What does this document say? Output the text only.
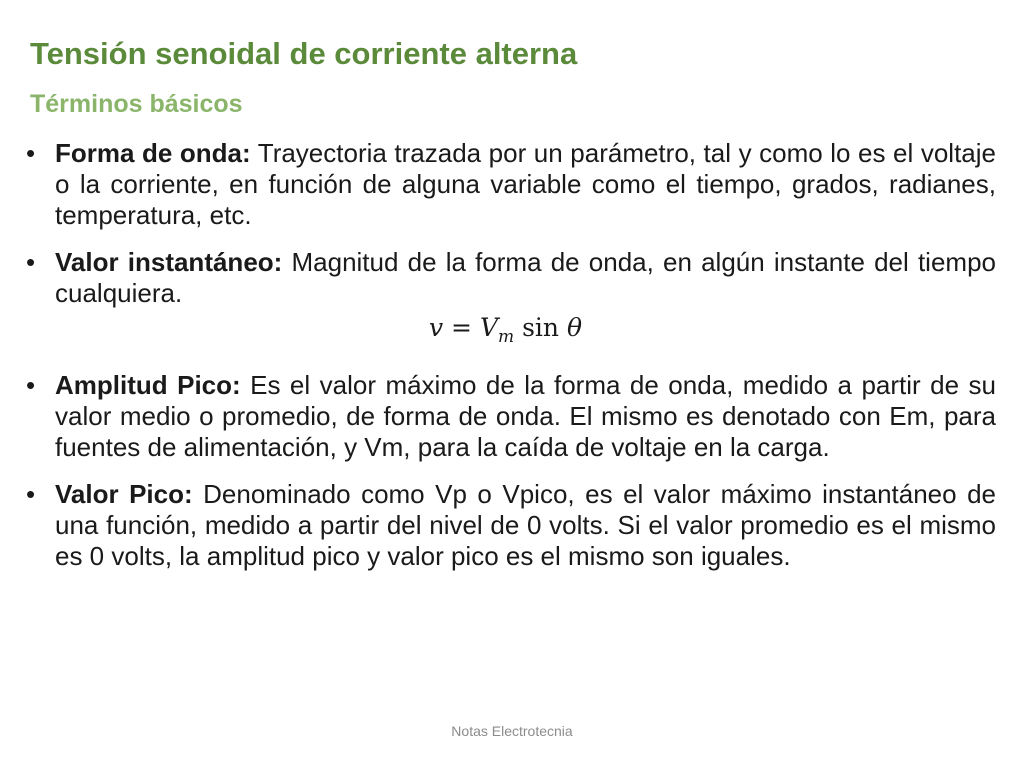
Tensión senoidal de corriente alterna
Términos básicos
• Forma de onda: Trayectoria trazada por un parámetro, tal y como lo es el voltaje o la corriente, en función de alguna variable como el tiempo, grados, radianes, temperatura, etc.
• Valor instantáneo: Magnitud de la forma de onda, en algún instante del tiempo cualquiera.
$v = V_m$ sin θ
• Amplitud Pico: Es el valor máximo de la forma de onda, medido a partir de su valor medio o promedio, de forma de onda. El mismo es denotado con Em, para fuentes de alimentación, y Vm, para la caída de voltaje en la carga.
• Valor Pico: Denominado como Vp o Vpico, es el valor máximo instantáneo de una función, medido a partir del nivel de 0 volts. Si el valor promedio es el mismo es 0 volts, la amplitud pico y valor pico es el mismo son iguales.
Notas Electrotecnia
